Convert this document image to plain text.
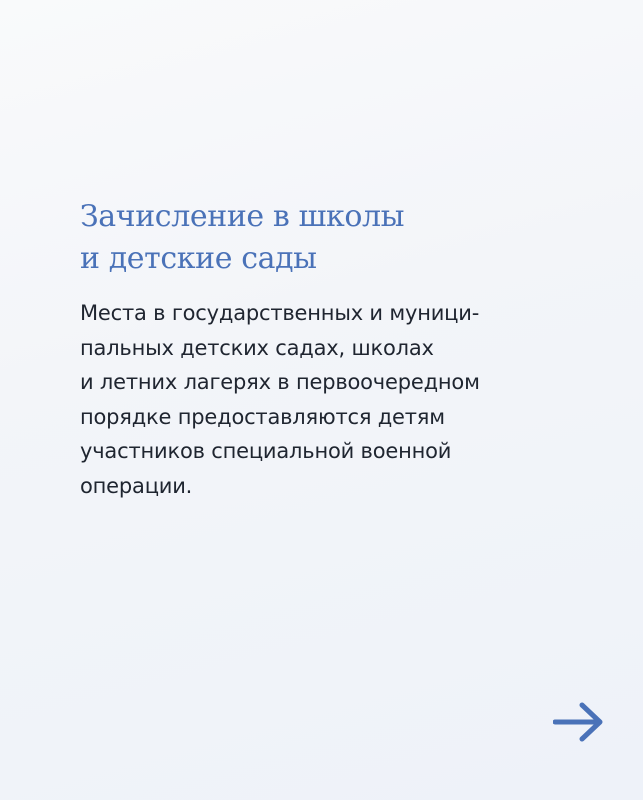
Зачисление в школы
и детские сады

Места в государственных и муници-
пальных детских садах, школах
и летних лагерях в первоочередном
порядке предоставляются детям
участников специальной военной
операции.
